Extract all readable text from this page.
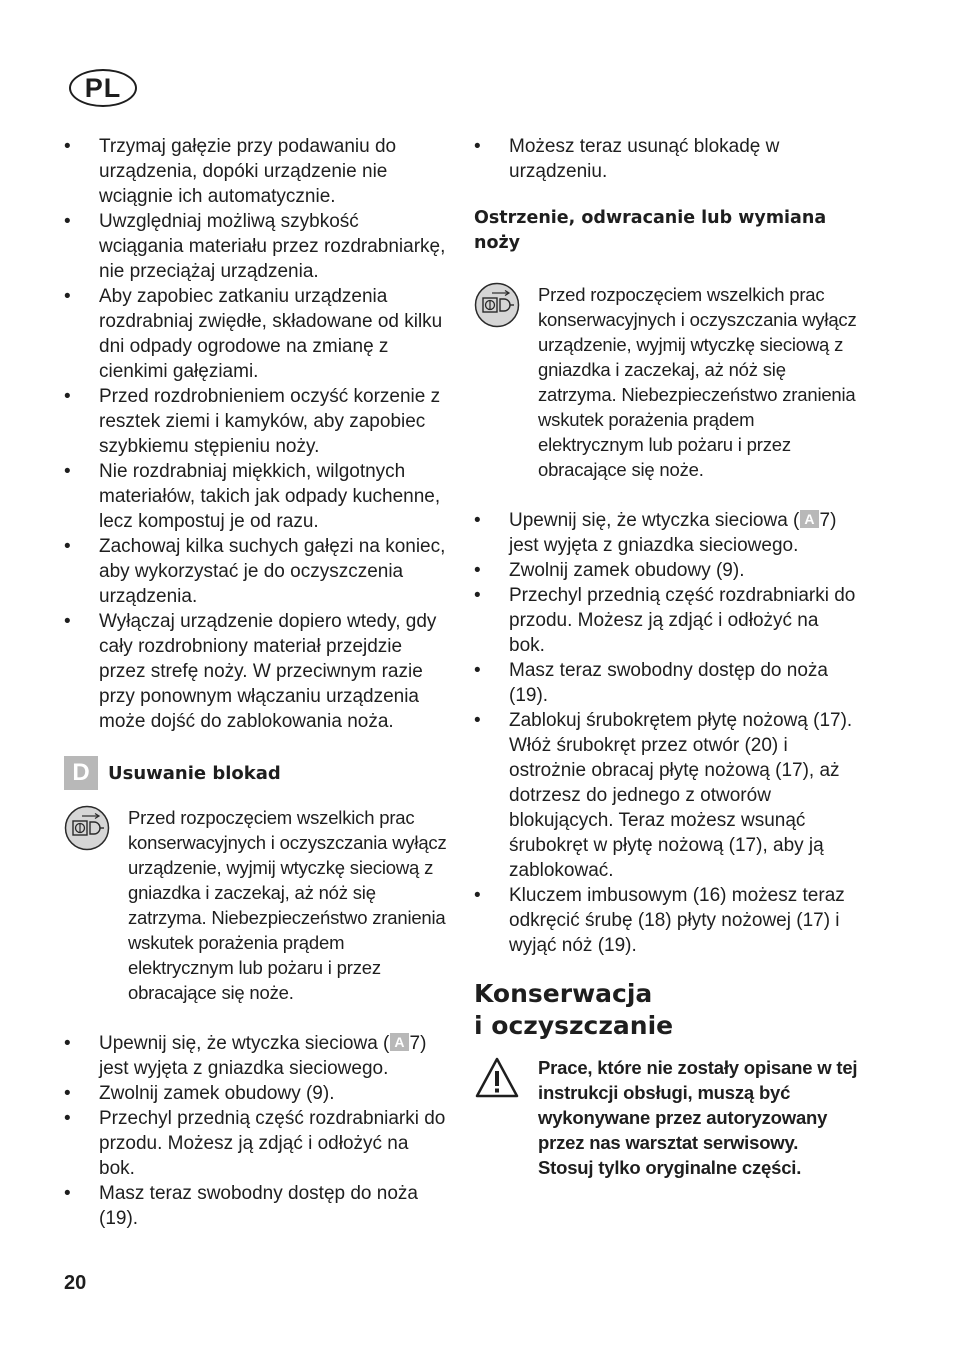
PL
• Trzymaj gałęzie przy podawaniu do urządzenia, dopóki urządzenie nie wciągnie ich automatycznie.
• Uwzględniaj możliwą szybkość wciągania materiału przez rozdrabniarkę, nie przeciążaj urządzenia.
• Aby zapobiec zatkaniu urządzenia rozdrabniaj zwiędłe, składowane od kilku dni odpady ogrodowe na zmianę z cienkimi gałęziami.
• Przed rozdrobnieniem oczyść korzenie z resztek ziemi i kamyków, aby zapobiec szybkiemu stępieniu noży.
• Nie rozdrabniaj miękkich, wilgotnych materiałów, takich jak odpady kuchenne, lecz kompostuj je od razu.
• Zachowaj kilka suchych gałęzi na koniec, aby wykorzystać je do oczyszczenia urządzenia.
• Wyłączaj urządzenie dopiero wtedy, gdy cały rozdrobniony materiał przejdzie przez strefę noży. W przeciwnym razie przy ponownym włączaniu urządzenia może dojść do zablokowania noża.
D	Usuwanie blokad

Przed rozpoczęciem wszelkich prac konserwacyjnych i oczyszczania wyłącz urządzenie, wyjmij wtyczkę sieciową z gniazdka i zaczekaj, aż nóż się zatrzyma. Niebezpieczeństwo zranienia wskutek porażenia prądem elektrycznym lub pożaru i przez obracające się noże.

• Upewnij się, że wtyczka sieciowa ( A 7) jest wyjęta z gniazdka sieciowego.
• Zwolnij zamek obudowy (9).
• Przechyl przednią część rozdrabniarki do przodu. Możesz ją zdjąć i odłożyć na bok.
• Masz teraz swobodny dostęp do noża (19).
• Możesz teraz usunąć blokadę w urządzeniu.
Ostrzenie, odwracanie lub wymiana noży

Przed rozpoczęciem wszelkich prac konserwacyjnych i oczyszczania wyłącz urządzenie, wyjmij wtyczkę sieciową z gniazdka i zaczekaj, aż nóż się zatrzyma. Niebezpieczeństwo zranienia wskutek porażenia prądem elektrycznym lub pożaru i przez obracające się noże.

• Upewnij się, że wtyczka sieciowa ( A 7) jest wyjęta z gniazdka sieciowego.
• Zwolnij zamek obudowy (9).
• Przechyl przednią część rozdrabniarki do przodu. Możesz ją zdjąć i odłożyć na bok.
• Masz teraz swobodny dostęp do noża (19).
• Zablokuj śrubokrętem płytę nożową (17). Włóż śrubokręt przez otwór (20) i ostrożnie obracaj płytę nożową (17), aż dotrzesz do jednego z otworów blokujących. Teraz możesz wsunąć śrubokręt w płytę nożową (17), aby ją zablokować.
• Kluczem imbusowym (16) możesz teraz odkręcić śrubę (18) płyty nożowej (17) i wyjąć nóż (19).
Konserwacja
i oczyszczanie

Prace, które nie zostały opisane w tej instrukcji obsługi, muszą być wykonywane przez autoryzowany przez nas warsztat serwisowy. Stosuj tylko oryginalne części.

20
